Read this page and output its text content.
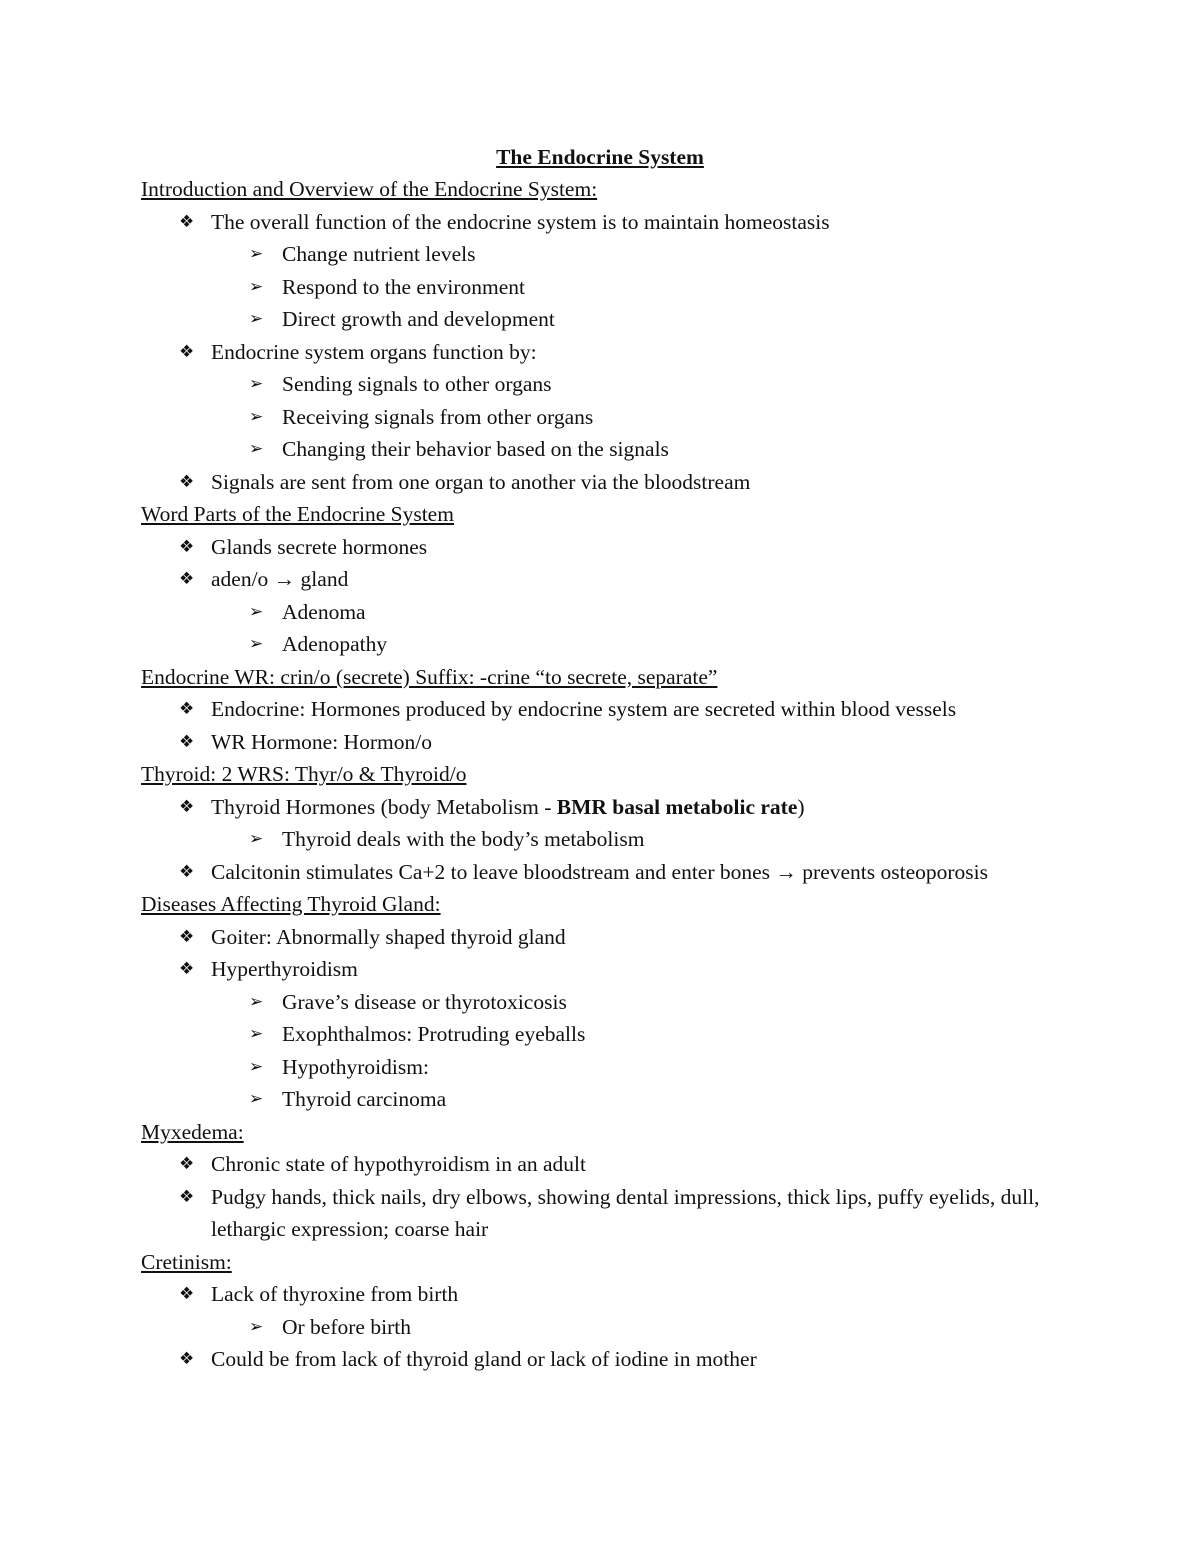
The Endocrine System
Introduction and Overview of the Endocrine System:
❖ The overall function of the endocrine system is to maintain homeostasis
➢ Change nutrient levels
➢ Respond to the environment
➢ Direct growth and development
❖ Endocrine system organs function by:
➢ Sending signals to other organs
➢ Receiving signals from other organs
➢ Changing their behavior based on the signals
❖ Signals are sent from one organ to another via the bloodstream
Word Parts of the Endocrine System
❖ Glands secrete hormones
❖ aden/o → gland
➢ Adenoma
➢ Adenopathy
Endocrine WR: crin/o (secrete) Suffix: -crine “to secrete, separate”
❖ Endocrine: Hormones produced by endocrine system are secreted within blood vessels
❖ WR Hormone: Hormon/o
Thyroid: 2 WRS: Thyr/o & Thyroid/o
❖ Thyroid Hormones (body Metabolism - BMR basal metabolic rate)
➢ Thyroid deals with the body’s metabolism
❖ Calcitonin stimulates Ca+2 to leave bloodstream and enter bones → prevents osteoporosis
Diseases Affecting Thyroid Gland:
❖ Goiter: Abnormally shaped thyroid gland
❖ Hyperthyroidism
➢ Grave’s disease or thyrotoxicosis
➢ Exophthalmos: Protruding eyeballs
➢ Hypothyroidism:
➢ Thyroid carcinoma
Myxedema:
❖ Chronic state of hypothyroidism in an adult
❖ Pudgy hands, thick nails, dry elbows, showing dental impressions, thick lips, puffy eyelids, dull, lethargic expression; coarse hair
Cretinism:
❖ Lack of thyroxine from birth
➢ Or before birth
❖ Could be from lack of thyroid gland or lack of iodine in mother
